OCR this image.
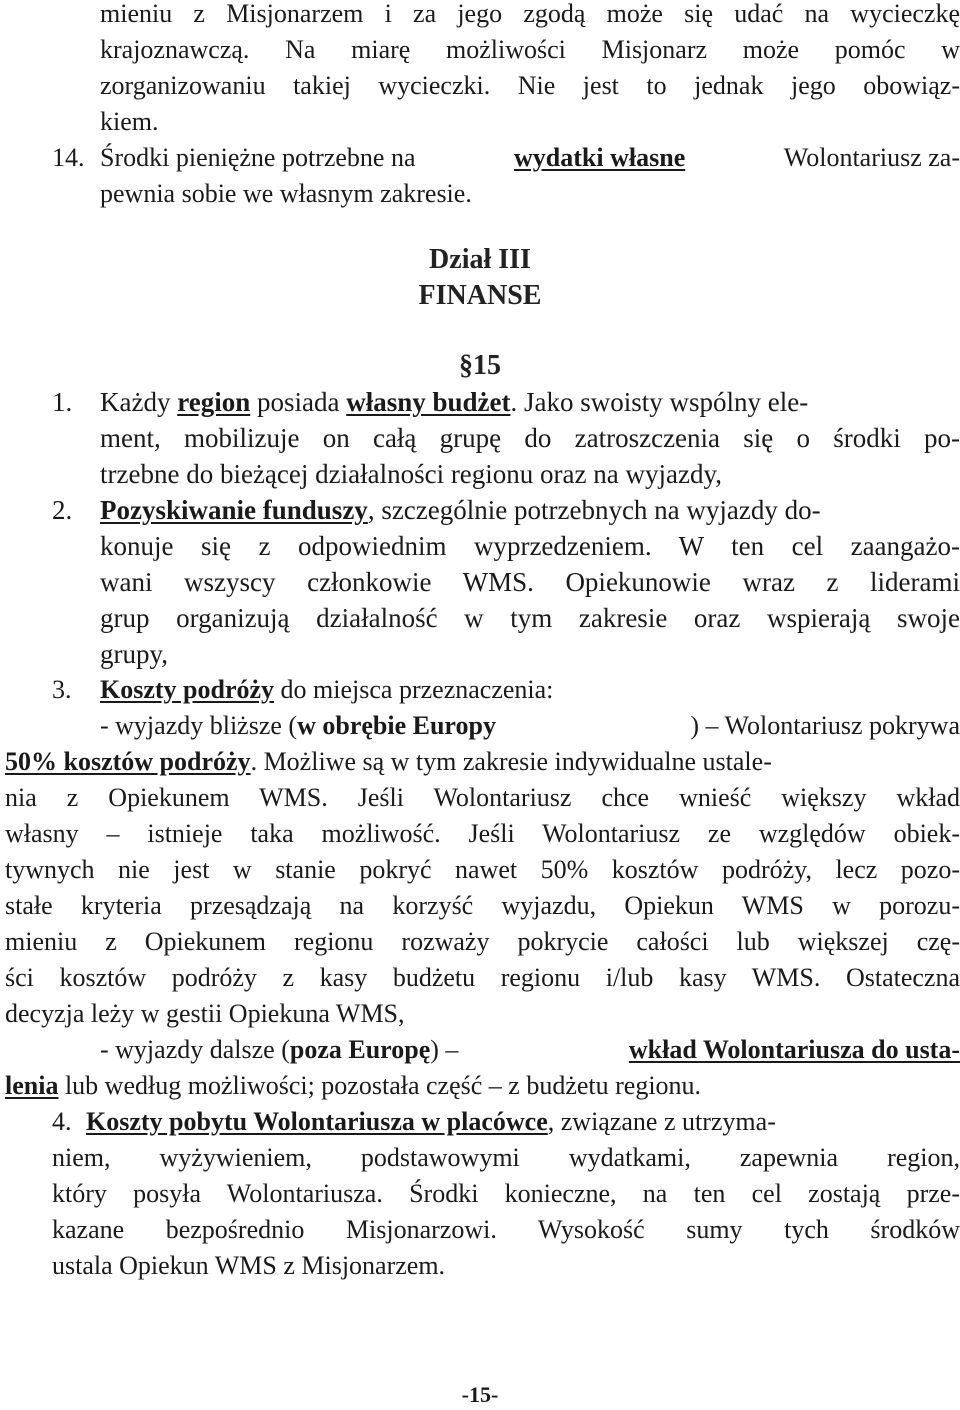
mieniu z Misjonarzem i za jego zgodą może się udać na wycieczkę
krajoznawczą. Na miarę możliwości Misjonarz może pomóc w
zorganizowaniu takiej wycieczki. Nie jest to jednak jego obowiąz-
kiem.
14. Środki pieniężne potrzebne na	wydatki własne	Wolontariusz za-
pewnia sobie we własnym zakresie.
Dział III
FINANSE
§15
1. Każdy region posiada własny budżet. Jako swoisty wspólny ele-
ment, mobilizuje on całą grupę do zatroszczenia się o środki po-
trzebne do bieżącej działalności regionu oraz na wyjazdy,
2. Pozyskiwanie funduszy, szczególnie potrzebnych na wyjazdy do-
konuje się z odpowiednim wyprzedzeniem. W ten cel zaangażo-
wani wszyscy członkowie WMS. Opiekunowie wraz z liderami
grup organizują działalność w tym zakresie oraz wspierają swoje
grupy,
3. Koszty podróży do miejsca przeznaczenia:
- wyjazdy bliższe (w obrębie Europy	) – Wolontariusz pokrywa
50% kosztów podróży. Możliwe są w tym zakresie indywidualne ustale-
nia z Opiekunem WMS. Jeśli Wolontariusz chce wnieść większy wkład
własny – istnieje taka możliwość. Jeśli Wolontariusz ze względów obiek-
tywnych nie jest w stanie pokryć nawet 50% kosztów podróży, lecz pozo-
stałe kryteria przesądzają na korzyść wyjazdu, Opiekun WMS w porozu-
mieniu z Opiekunem regionu rozważy pokrycie całości lub większej czę-
ści kosztów podróży z kasy budżetu regionu i/lub kasy WMS. Ostateczna
decyzja leży w gestii Opiekuna WMS,
- wyjazdy dalsze (poza Europę) –	wkład Wolontariusza do usta-
lenia lub według możliwości; pozostała część – z budżetu regionu.
4. Koszty pobytu Wolontariusza w placówce, związane z utrzyma-
niem, wyżywieniem, podstawowymi wydatkami, zapewnia region,
który posyła Wolontariusza. Środki konieczne, na ten cel zostają prze-
kazane bezpośrednio Misjonarzowi. Wysokość sumy tych środków
ustala Opiekun WMS z Misjonarzem.
-15-
